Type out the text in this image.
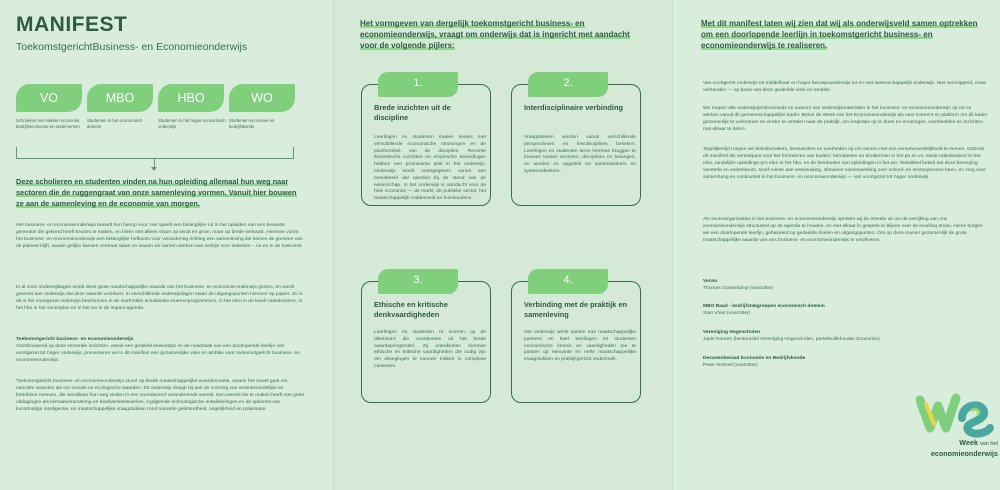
MANIFEST
ToekomstgerichtBusiness- en Economieonderwijs
VO	MBO	HBO	WO
Scholieren met vakken economie, bedrijfseconomie en ondernemen
Studenten in het economisch domein
Studenten in het hoger economisch onderwijs
Studenten economie en bedrijfskunde
Deze scholieren en studenten vinden na hun opleiding allemaal hun weg naar sectoren die de ruggengraat van onze samenleving vormen. Vanuit hier bouwen ze aan de samenleving en de economie van morgen.
Het business- en economieonderwijs bereidt hen hierop voor. Het speelt een belangrijke rol in het opleiden van een bewuste generatie die geleerd heeft keuzes te maken, en hierin niet alleen stuurt op winst en groei, maar op brede welvaart. Hiermee vormt het business- en economieonderwijs een belangrijke hefboom voor verandering richting een samenleving die binnen de grenzen van de planeet blijft, waarin gelijke kansen centraal staan en waarin we samen werken aan welzijn voor iedereen – nu en in de toekomst.
In al onze onderwijslagen wordt deze grote maatschappelijke waarde van het business- en economie-onderwijs gezien, en wordt gewerkt aan onderwijs dat deze waarde verzilvert. In verschillende onderwijslagen staan de uitgangspunten hiervoor op papier. Zo is dit in het voortgezet onderwijs beschreven in de startnotitie actualisatie examenprogramma's, in het mbo in de kwali catiedossiers, in het hbo in het sectorplan en in het wo in de impact-agenda.
Toekomstgericht business- en economieonderwijs
Voortbouwend op deze sectorale inzichten, vanuit een gedeeld bewustzijn en de noodzaak van een doorlopende leerlijn van voortgezet tot hoger onderwijs, presenteren we in dit manifest een gezamenlijke visie en ambitie voor toekomstgericht business- en economieonderwijs.
Toekomstgericht business- en economieonderwijs stuurt op brede maatschappelijke waardecreatie, waarin het zowel gaat om nanciële waarden als om sociale en ecologische waarden. Dit onderwijs draagt bij aan de vorming van verantwoordelijke en betrokken mensen, die wendbaar hun weg vinden in een voortdurend veranderende wereld. Een wereld die te maken heeft met grote uitdagingen als klimaatverandering en biodiversiteitsverlies, ingrijpende technologische ontwikkelingen en de opkomst van kunstmatige intelligentie, en maatschappelijke vraagstukken rond nanciële geletterdheid, ongelijkheid en polarisatie.
Het vormgeven van dergelijk toekomstgericht business- en economieonderwijs, vraagt om onderwijs dat is ingericht met aandacht voor de volgende pijlers:
1.
Brede inzichten uit de discipline
Leerlingen en studenten maken kennis met verschillende economische stromingen en de pluriformiteit van de discipline. Recente theoretische inzichten en empirische bevindingen hebben een prominente plek in het onderwijs. Onderwijs wordt vormgegeven vanuit een mensbeeld dat aansluit bij de stand van de wetenschap. In het onderwijs is aandacht voor de hele economie — de markt, de publieke sector, het maatschappelijk middenveld en huishoudens.
2.
Interdisciplinaire verbinding
Vraagstukken worden vanuit verschillende perspectieven en leerdisciplines bekeken. Leerlingen en studenten leren hiermee bruggen te bouwen tussen sectoren, disciplines en belangen, en worden zo opgeleid tot samenwerkers en systeemdenkers.
3.
Ethische en kritische denkvaardigheden
Leerlingen en studenten re ecteren op de dilemma's die voortkomen uit het brede waardeperspectief. Zij ontwikkelen hiermee ethische en kritische vaardigheden die nodig zijn om afwegingen te kunnen maken in complexe contexten.
4.
Verbinding met de praktijk en samenleving
Het onderwijs werkt samen met maatschappelijke partners en leert leerlingen en studenten economische kennis en vaardigheden toe te passen op relevante en reële maatschappelijke vraagstukken en praktijkgericht onderzoek.
Met dit manifest laten wij zien dat wij als onderwijsveld samen optrekken om een doorlopende leerlijn in toekomstgericht business- en economieonderwijs te realiseren.
Van voortgezet onderwijs tot middelbaar en hoger beroepsonderwijs tot en met wetenschappelijk onderwijs. Niet versnipperd, maar verbonden — op basis van deze gedeelde visie en ambitie.
We roepen alle onderwijsprofessionals en auteurs van onderwijsmaterialen in het business- en economieonderwijs op om te werken vanuit dit gemeenschappelijke kader. Benut de Week van het Economieonderwijs als vast moment en platform om dit kader gezamenlijk te verkennen en verder te vertalen naar de praktijk, om inspiratie op te doen en ervaringen, voorbeelden en inzichten met elkaar te delen.
Tegelijkertijd roepen we beleidsmakers, bestuurders en overheden op om samen met ons verantwoordelijkheid te nemen. Gebruik dit manifest als vertrekpunt voor het formuleren van kaders: kerndoelen en eindtermen in het po en vo, kwali catiedossiers in het mbo, landelijke opleidings-pro elen in het hbo, en de leerdoelen van opleidingen in het wo. Ontwikkel beleid dat deze beweging versterkt en ondersteunt. Geef ruimte aan vernieuwing, stimuleer samenwerking over school- en sectorgrenzen heen, en zorg voor samenhang en continuïteit in het business- en economieonderwijs — van voortgezet tot hoger onderwijs.
Als sectororganisaties in het business- en economieonderwijs spreken wij de intentie uit om de verrijking van ons economieonderwijs structureel op de agenda te houden, en met elkaar in gesprek te blijven over de invulling ervan. Hierin borgen we een doorlopende leerlijn, gebaseerd op gedeelde doelen en uitgangspunten. Om op deze manier gezamenlijk de grote maatschappelijke waarde van ons business- en economieonderwijs te verzilveren.
Vecon
Thomas Oosterkamp (voorzitter)
MBO Raad - bedrijfstakgroepen economisch domein
Stan Vloet (voorzitter)
Vereniging Hogescholen
Jopie Nooren (bestuurslid Vereniging Hogescholen, portefeuillehouder Economie)
Decanenberaad Economie en Bedrijfskunde
Peter Verhoef (voorzitter)
Week van het
economieonderwijs
